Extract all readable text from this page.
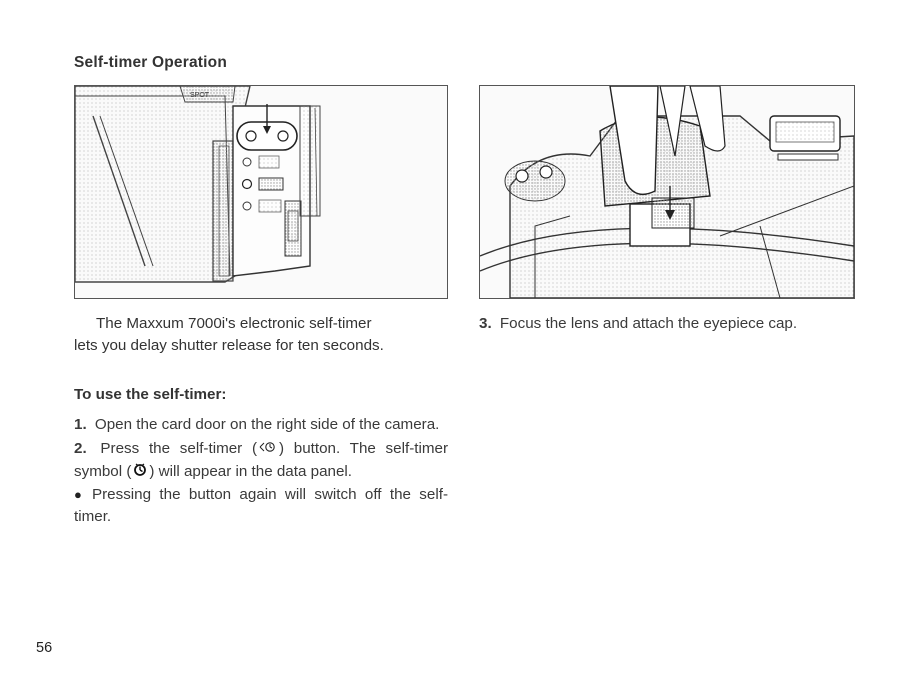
Self-timer Operation
SPOT
The Maxxum 7000i's electronic self-timer
lets you delay shutter release for ten seconds.
To use the self-timer:

1. Open the card door on the right side of the camera.

2. Press the self-timer ( ) button. The self-timer symbol ( ) will appear in the data panel.

● Pressing the button again will switch off the self-timer.

3. Focus the lens and attach the eyepiece cap.
56
